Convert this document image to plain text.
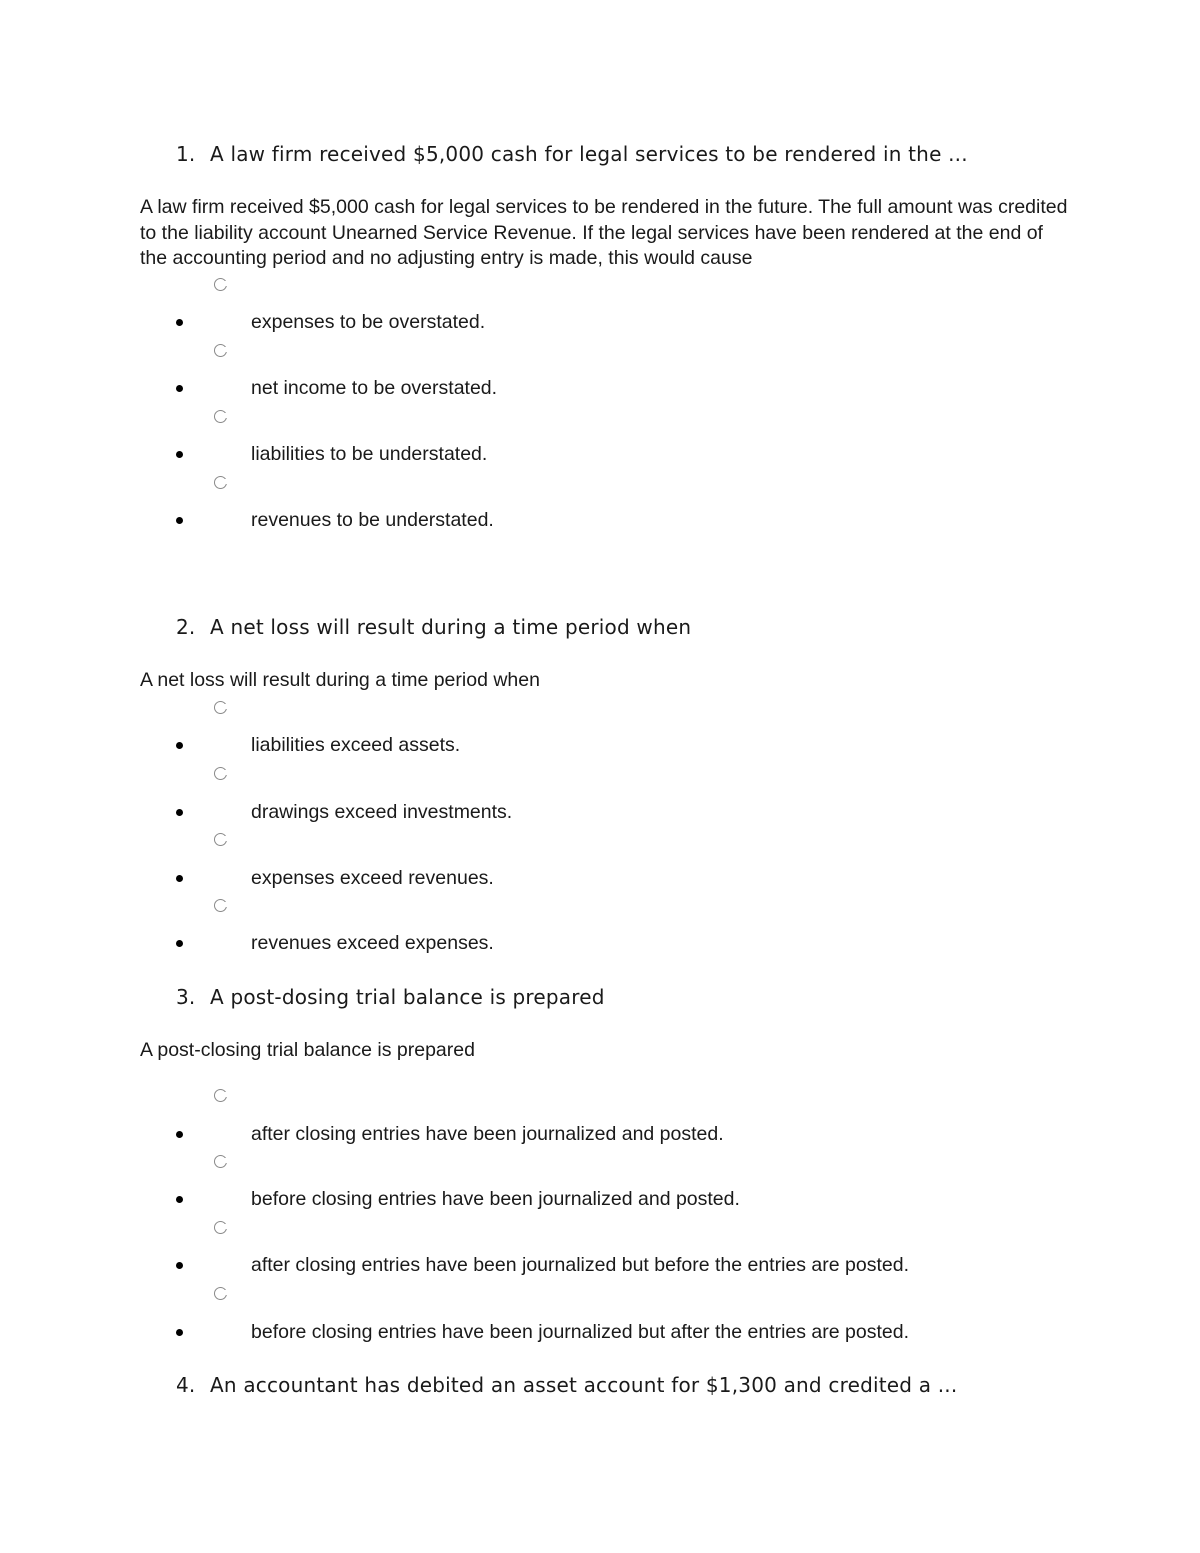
1. A law firm received $5,000 cash for legal services to be rendered in the ...
A law firm received $5,000 cash for legal services to be rendered in the future. The full amount was credited to the liability account Unearned Service Revenue. If the legal services have been rendered at the end of the accounting period and no adjusting entry is made, this would cause
expenses to be overstated.
net income to be overstated.
liabilities to be understated.
revenues to be understated.
2. A net loss will result during a time period when
A net loss will result during a time period when
liabilities exceed assets.
drawings exceed investments.
expenses exceed revenues.
revenues exceed expenses.
3. A post-dosing trial balance is prepared
A post-closing trial balance is prepared
after closing entries have been journalized and posted.
before closing entries have been journalized and posted.
after closing entries have been journalized but before the entries are posted.
before closing entries have been journalized but after the entries are posted.
4. An accountant has debited an asset account for $1,300 and credited a ...
